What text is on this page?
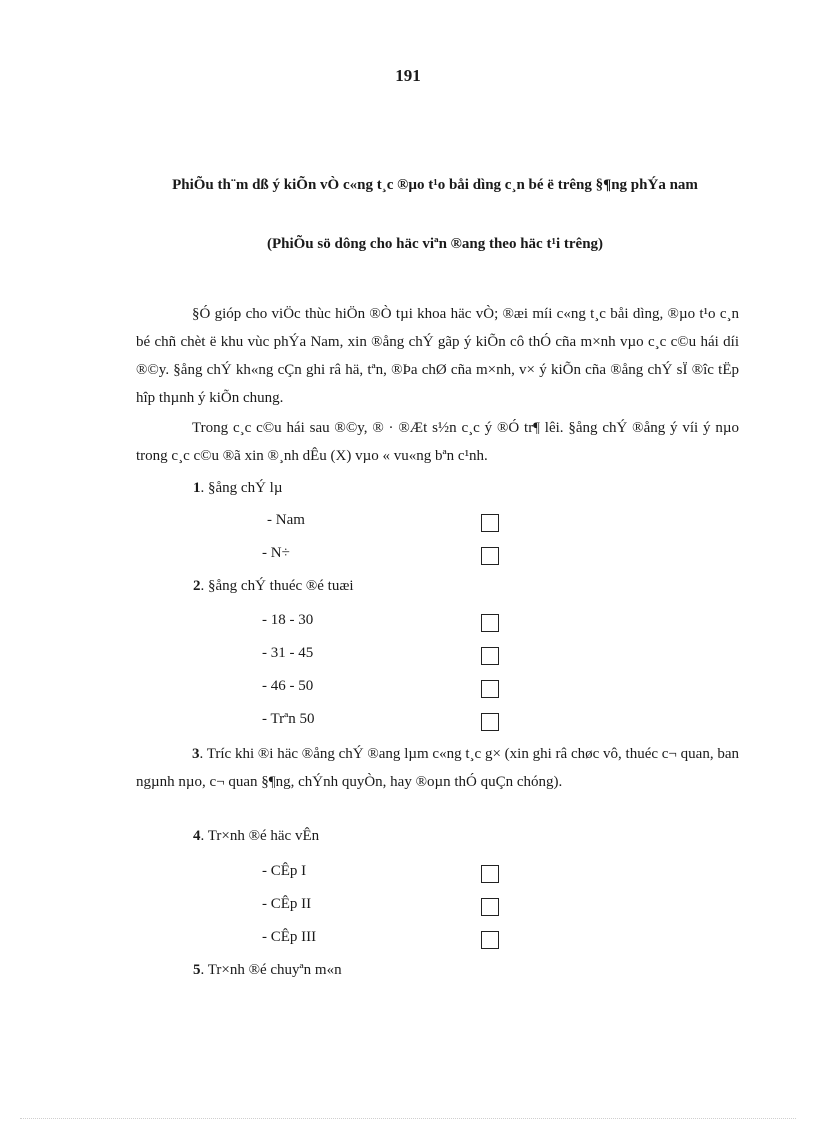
191
PhiÕu th¨m dß ý kiÕn vÒ c«ng t¸c ®µo t¹o båi dìng c¸n bé ë trêng §¶ng phÝa nam
(PhiÕu sö dông cho häc viªn ®ang theo häc t¹i trêng)
§Ó gióp cho viÖc thùc hiÖn ®Ò tµi khoa häc vÒ; ®æi míi c«ng t¸c båi dìng, ®µo t¹o c¸n bé chñ chèt ë khu vùc phÝa Nam, xin ®ång chÝ gãp ý kiÕn cô thÓ cña m×nh vµo c¸c c©u hái díi ®©y. §ång chÝ kh«ng cÇn ghi râ hä, tªn, ®Þa chØ cña m×nh, v× ý kiÕn cña ®ång chÝ sÏ ®îc tËp hîp thµnh ý kiÕn chung.
Trong c¸c c©u hái sau ®©y, ® · ®Æt s½n c¸c ý ®Ó tr¶ lêi. §ång chÝ ®ång ý víi ý nµo trong c¸c c©u ®ã xin ®¸nh dÊu (X) vµo « vu«ng bªn c¹nh.
1. §ång chÝ lµ
- Nam
- N÷
2. §ång chÝ thuéc ®é tuæi
- 18 - 30
- 31 - 45
- 46 - 50
- Trªn 50
3. Tríc khi ®i häc ®ång chÝ ®ang lµm c«ng t¸c g× (xin ghi râ chøc vô, thuéc c¬ quan, ban ngµnh nµo, c¬ quan §¶ng, chÝnh quyÒn, hay ®oµn thÓ quÇn chóng).
4. Tr×nh ®é häc vÊn
- CÊp I
- CÊp II
- CÊp III
5. Tr×nh ®é chuyªn m«n
